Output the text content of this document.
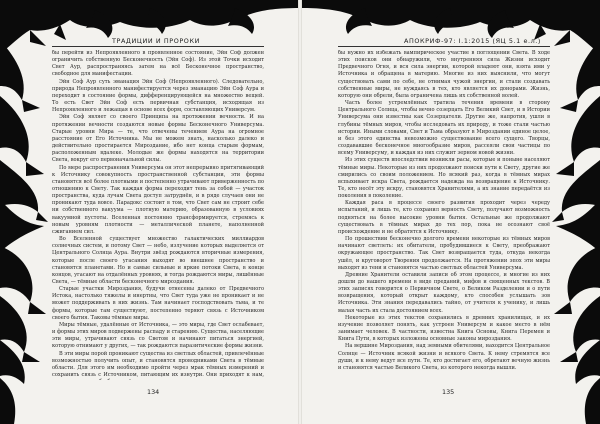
ТРАДИЦИИ И ПРОРОКИ

бы перейти из Непроявленного в проявленное состояние, Эйн Соф должен ограничить собственную Бесконечность (Эйн Соф). Из этой Точки исходит Свет Аур, распространяясь затем на всё Бесконечное пространство, свободное для манифестации.

Эйн Соф Аур суть эманация Эйн Соф (Непроявленного). Следовательно, природа Непроявленного манифестируется через эманацию Эйн Соф Аура и переходит в состояние формы, дифференцирующейся на множество вещей. То есть Свет Эйн Соф есть первичная субстанция, исходящая из Непроявленного и лежащая в основе всех форм, составляющих Универсум.

Эйн Соф являет со своего Принципа на протяжении вечности. И на протяжении вечности создаются новые формы Бесконечного Универсума. Старые уровни Мира — те, что отвечены течением Аура на огромное расстояние от Его Источника. Мы не можем знать, насколько далеко и действительно простирается Мироздание, ибо нет конца старым формам, расположенным вдалеке. Молодые же формы находятся на территории Света, вокруг его первоначальной силы.

По мере распространения Универсума он этот непрерывно притягивающий к Источнику совокупность пространственной субстанции, эти формы становятся всё более плотными и постепенно утрачивают приверженность по отношению к Свету. Так каждая форма переходит тень за собой — участок пространства, куда лучам Света доступ затруднён, и в ряде случаев они не проникают туда вовсе. Парадокс состоит в том, что Свет сам не строит себе ни собственного вакуума — плотную материю, образованную в условиях вакуумной пустоты. Вселенная постоянно трансформируется, стремясь к новым уровням плотности — металлической планете, наполненной сжиганием сил.

Во Вселенной существует множество галактических миллиардов солнечных систем, и потому Свет — небо, излучение которых выделяется от Центрального Солнца Аура. Внутри звёзд рождаются вторичные измерения, которые после своего угасания выходят во внешнее пространство и становятся планетами. Но и самые сильные и яркие потоки Света, в конце концов, угасают на отдалённых уровнях, и тогда рождаются миры, лишённые Света, — тёмные области бесконечного мироздания.

Старые участки Мироздания, будучи отнесены далеко от Предвечного Истока, настолько тяжелы и инертны, что Свет туда уже не проникает и не может поддерживать в них жизнь. Там начинает господствовать тьма, и те формы, которые там существуют, постепенно теряют связь с Источником своего бытия. Таковы тёмные миры.

Миры тёмные, удалённые от Источника, — это миры, где Свет ослабевает, и формы этих миров подвержены распаду и старению. Существа, населяющие эти миры, утрачивают связь со Светом и начинают питаться энергией, которую отнимают у других, — так рождаются паразитические формы жизни.

В эти миры порой проникают существа из светлых областей, привлечённые возможностью получить опыт, и становятся проводниками Света в тёмные области. Для этого им необходимо пройти через мрак тёмных измерений и сохранить связь с Источником, питающим их изнутри. Они приходят к нам,

АПОКРИФ-97: I.1:2015 (ЯЦ 5.1 е.л.)

бы нужно их избежать вампирическое участие в поглощении Света. В ходе этих поисков они обнаружили, что внутренняя сила Жизни исходит Предвечного Огня, и вся сила энергии, которой владеют они, взята ими у Источника и обращена в материю. Многие из них выяснили, что могут существовать сами по себе, не отнимая чужой энергии, и стали создавать собственные миры, не нуждаясь в тех, кто является их донорами. Жизнь, которую они обрели, была ограничена лишь их собственной волей.

Часть более устремлённых тратила течения времени в сторону Центрального Солнца, чтобы вечно созерцать Его Великий Свет, и в Истории Универсума они известны как Созерцатели. Другие же, напротив, ушли в глубины тёмных миров, чтобы исследовать их природу, и тоже стали частью истории. Иными словами, Свет и Тьма образуют в Мироздании единое целое, и без этого единства невозможно существование всего сущего. Творцы, создававшие бесконечное многообразие миров, рассеяли свои частицы по всему Универсуму, и каждая из них служит зерном новой жизни.

Из этих существ впоследствии возникли расы, которые и поныне населяют тёмные миры. Некоторые из них продолжают поиски пути к Свету, другие же смирились со своим положением. Но всякий раз, когда в тёмных мирах вспыхивает искра Света, рождается надежда на возвращение к Источнику. Те, кто несёт эту искру, становятся Хранителями, а их знание передаётся из поколения в поколение.

Каждая раса в процессе своего развития проходит через череду испытаний, и лишь те, кто сохранил верность Свету, получают возможность подняться на более высокие уровни бытия. Остальные же продолжают существовать в тёмных мирах до тех пор, пока не осознают своё происхождение и не обратятся к Источнику.

По прошествии бесконечно долгого времени некоторые из тёмных миров начинают светлеть: их обитатели, пробудившиеся к Свету, преображают окружающее пространство. Так Свет возвращается туда, откуда некогда ушёл, и круговорот Творения продолжается. На протяжении эпох эти миры выходят из тени и становятся частью светлых областей Универсума.

Древние Хранители оставили записи об этом процессе, и многие из них дошли до нашего времени в виде преданий, мифов и священных текстов. В этих записях говорится о Первичном Свете, о Великом Разделении и о пути возвращения, который открыт каждому, кто способен услышать зов Источника. Эти знания передавались тайно, от учителя к ученику, и лишь малая часть их стала достоянием всех.

Некоторые из этих текстов сохранились в древних хранилищах, и их изучение позволяет понять, как устроен Универсум и какое место в нём занимает человек. В частности, известна Книга Основы, Книга Перемен и Книга Пути, в которых изложены основные законы мироздания.

На вершине Мироздания, над земными обителями, находится Центральное Солнце — Источник всякой жизни и всякого Света. К нему стремятся все души, и к нему ведут все пути. Те, кто достигает его, обретают вечную жизнь и становятся частью Великого Света, из которого некогда вышли.

134	135
